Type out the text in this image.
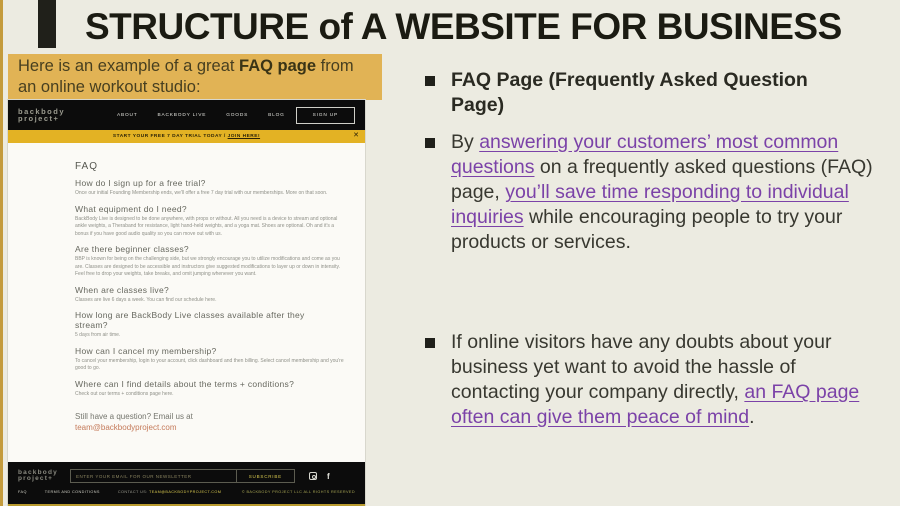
STRUCTURE of A WEBSITE FOR BUSINESS
Here is an example of a great FAQ page from an online workout studio:	FAQ Page (Frequently Asked Question Page)
By answering your customers’ most common questions on a frequently asked questions (FAQ) page, you’ll save time responding to individual inquiries while encouraging people to try your products or services.
If online visitors have any doubts about your business yet want to avoid the hassle of contacting your company directly, an FAQ page often can give them peace of mind.
backbody
project+	ABOUT	BACKBODY LIVE	GOODS	BLOG	SIGN UP
START YOUR FREE 7 DAY TRIAL TODAY / JOIN HERE!	✕
FAQ
How do I sign up for a free trial?
Once our initial Founding Membership ends, we'll offer a free 7 day trial with our memberships. More on that soon.
What equipment do I need?
BackBody Live is designed to be done anywhere, with props or without. All you need is a device to stream and optional ankle weights, a Theraband for resistance, light hand-held weights, and a yoga mat. Shoes are optional. Oh and it's a bonus if you have good audio quality so you can move out with us.
Are there beginner classes?
BBP is known for being on the challenging side, but we strongly encourage you to utilize modifications and come as you are. Classes are designed to be accessible and instructors give suggested modifications to layer up or down in intensity. Feel free to drop your weights, take breaks, and omit jumping whenever you want.
When are classes live?
Classes are live 6 days a week. You can find our schedule here.
How long are BackBody Live classes available after they stream?
5 days from air time.
How can I cancel my membership?
To cancel your membership, login to your account, click dashboard and then billing. Select cancel membership and you're good to go.
Where can I find details about the terms + conditions?
Check out our terms + conditions page here.
Still have a question? Email us at
team@backbodyproject.com
backbody
project+
ENTER YOUR EMAIL FOR OUR NEWSLETTER	SUBSCRIBE	f
FAQ	TERMS AND CONDITIONS	CONTACT US: TEAM@BACKBODYPROJECT.COM	© BACKBODY PROJECT LLC ALL RIGHTS RESERVED
